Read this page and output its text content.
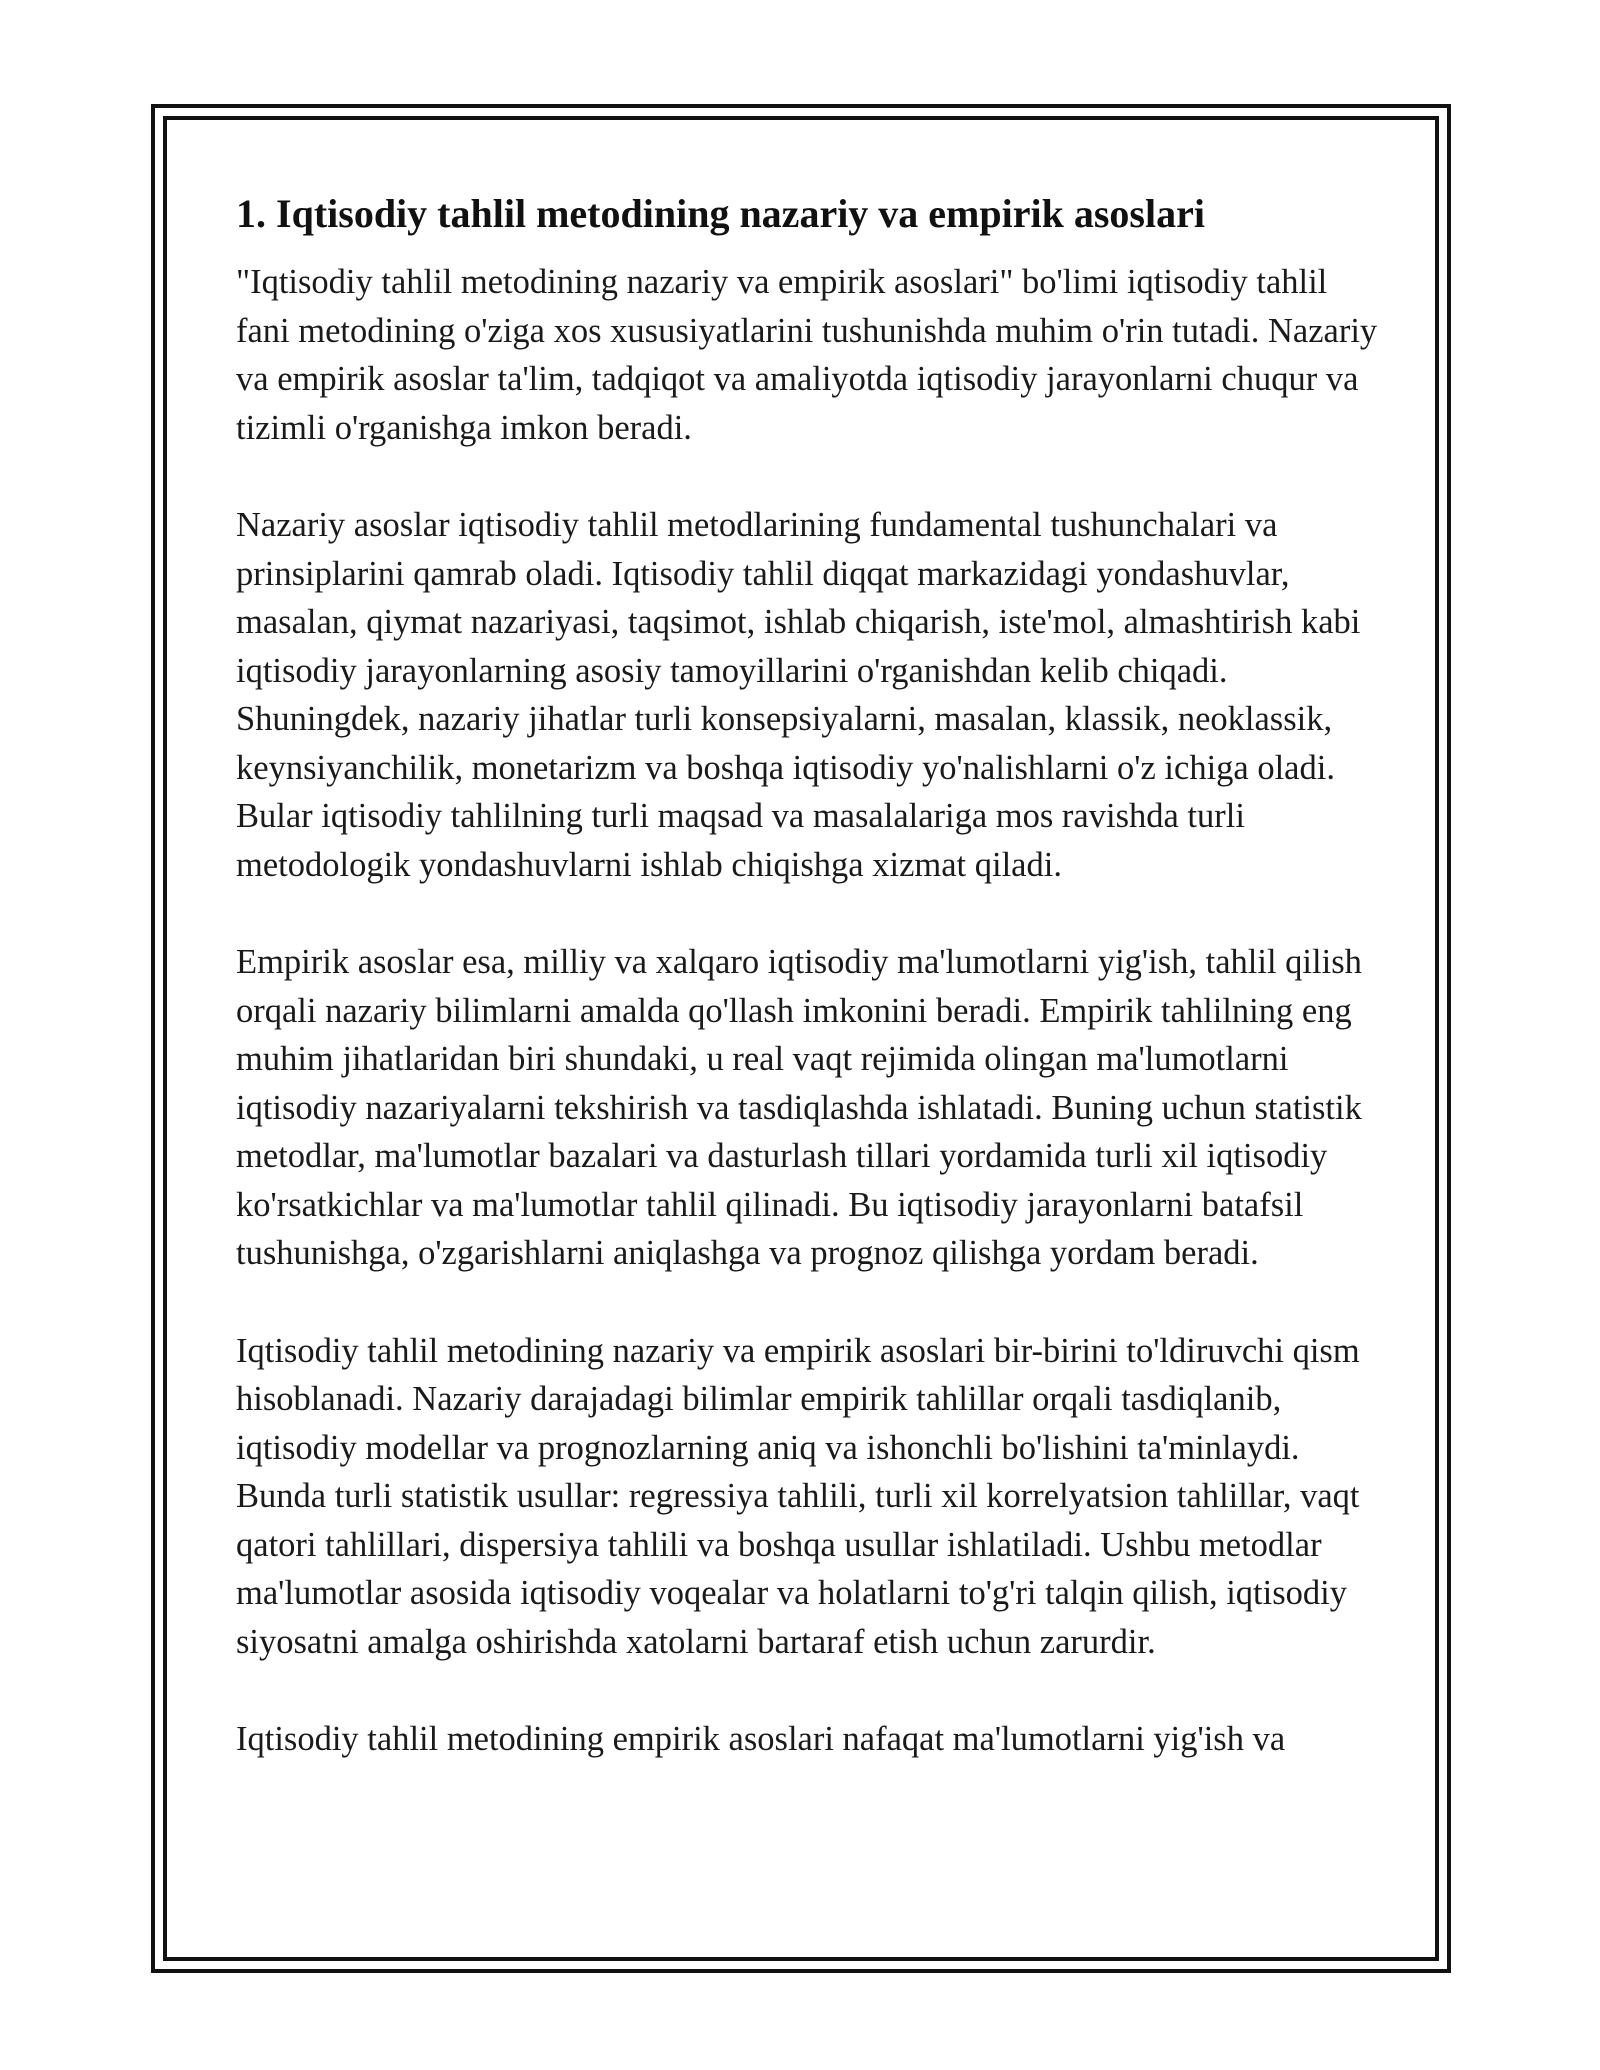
1. Iqtisodiy tahlil metodining nazariy va empirik asoslari

"Iqtisodiy tahlil metodining nazariy va empirik asoslari" bo'limi iqtisodiy tahlil fani metodining o'ziga xos xususiyatlarini tushunishda muhim o'rin tutadi. Nazariy va empirik asoslar ta'lim, tadqiqot va amaliyotda iqtisodiy jarayonlarni chuqur va tizimli o'rganishga imkon beradi.

Nazariy asoslar iqtisodiy tahlil metodlarining fundamental tushunchalari va prinsiplarini qamrab oladi. Iqtisodiy tahlil diqqat markazidagi yondashuvlar, masalan, qiymat nazariyasi, taqsimot, ishlab chiqarish, iste'mol, almashtirish kabi iqtisodiy jarayonlarning asosiy tamoyillarini o'rganishdan kelib chiqadi. Shuningdek, nazariy jihatlar turli konsepsiyalarni, masalan, klassik, neoklassik, keynsiyanchilik, monetarizm va boshqa iqtisodiy yo'nalishlarni o'z ichiga oladi. Bular iqtisodiy tahlilning turli maqsad va masalalariga mos ravishda turli metodologik yondashuvlarni ishlab chiqishga xizmat qiladi.

Empirik asoslar esa, milliy va xalqaro iqtisodiy ma'lumotlarni yig'ish, tahlil qilish orqali nazariy bilimlarni amalda qo'llash imkonini beradi. Empirik tahlilning eng muhim jihatlaridan biri shundaki, u real vaqt rejimida olingan ma'lumotlarni iqtisodiy nazariyalarni tekshirish va tasdiqlashda ishlatadi. Buning uchun statistik metodlar, ma'lumotlar bazalari va dasturlash tillari yordamida turli xil iqtisodiy ko'rsatkichlar va ma'lumotlar tahlil qilinadi. Bu iqtisodiy jarayonlarni batafsil tushunishga, o'zgarishlarni aniqlashga va prognoz qilishga yordam beradi.

Iqtisodiy tahlil metodining nazariy va empirik asoslari bir-birini to'ldiruvchi qism hisoblanadi. Nazariy darajadagi bilimlar empirik tahlillar orqali tasdiqlanib, iqtisodiy modellar va prognozlarning aniq va ishonchli bo'lishini ta'minlaydi. Bunda turli statistik usullar: regressiya tahlili, turli xil korrelyatsion tahlillar, vaqt qatori tahlillari, dispersiya tahlili va boshqa usullar ishlatiladi. Ushbu metodlar ma'lumotlar asosida iqtisodiy voqealar va holatlarni to'g'ri talqin qilish, iqtisodiy siyosatni amalga oshirishda xatolarni bartaraf etish uchun zarurdir.

Iqtisodiy tahlil metodining empirik asoslari nafaqat ma'lumotlarni yig'ish va
